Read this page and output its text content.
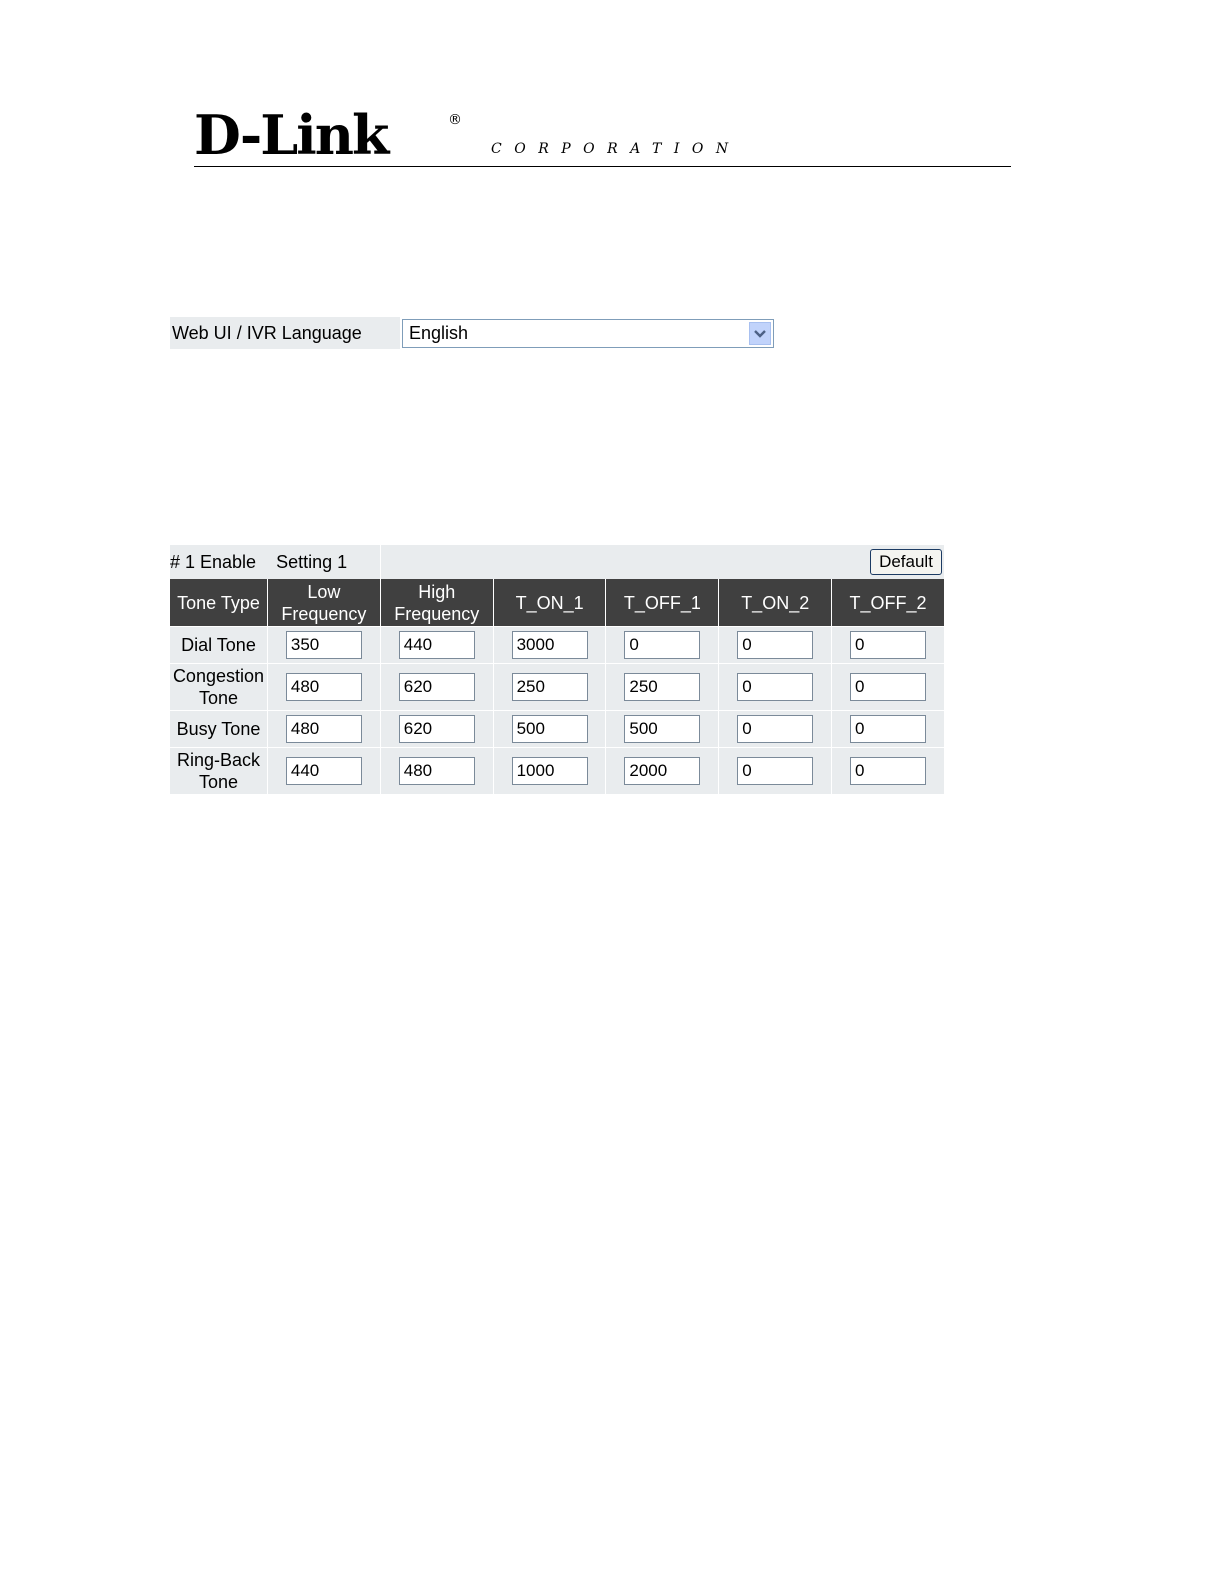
D-Link	®
CORPORATION
Web UI / IVR Language	English
# 1 Enable    Setting 1	Default
Tone Type	Low Frequency	High Frequency	T_ON_1	T_OFF_1	T_ON_2	T_OFF_2
Dial Tone	350	440	3000	0	0	0
Congestion Tone	480	620	250	250	0	0
Busy Tone	480	620	500	500	0	0
Ring-Back Tone	440	480	1000	2000	0	0
